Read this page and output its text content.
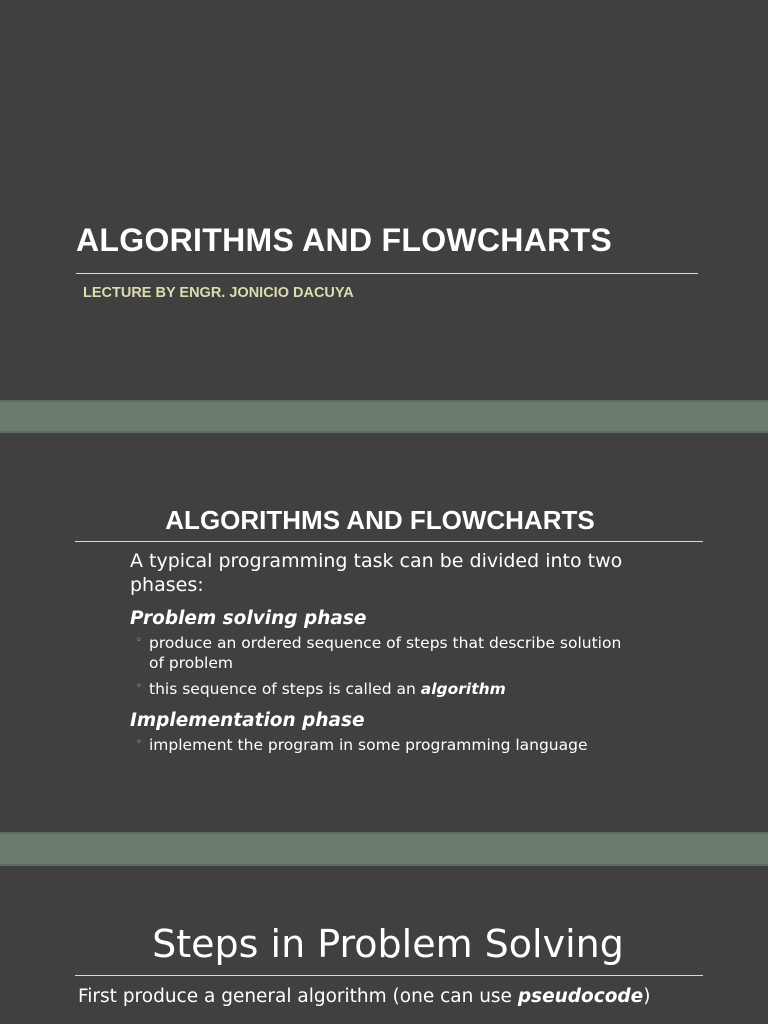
ALGORITHMS AND FLOWCHARTS
LECTURE BY ENGR. JONICIO DACUYA
ALGORITHMS AND FLOWCHARTS

A typical programming task can be divided into two phases:

Problem solving phase

◦ produce an ordered sequence of steps that describe solution of problem
◦ this sequence of steps is called an algorithm

Implementation phase

◦ implement the program in some programming language
Steps in Problem Solving
First produce a general algorithm (one can use pseudocode)
